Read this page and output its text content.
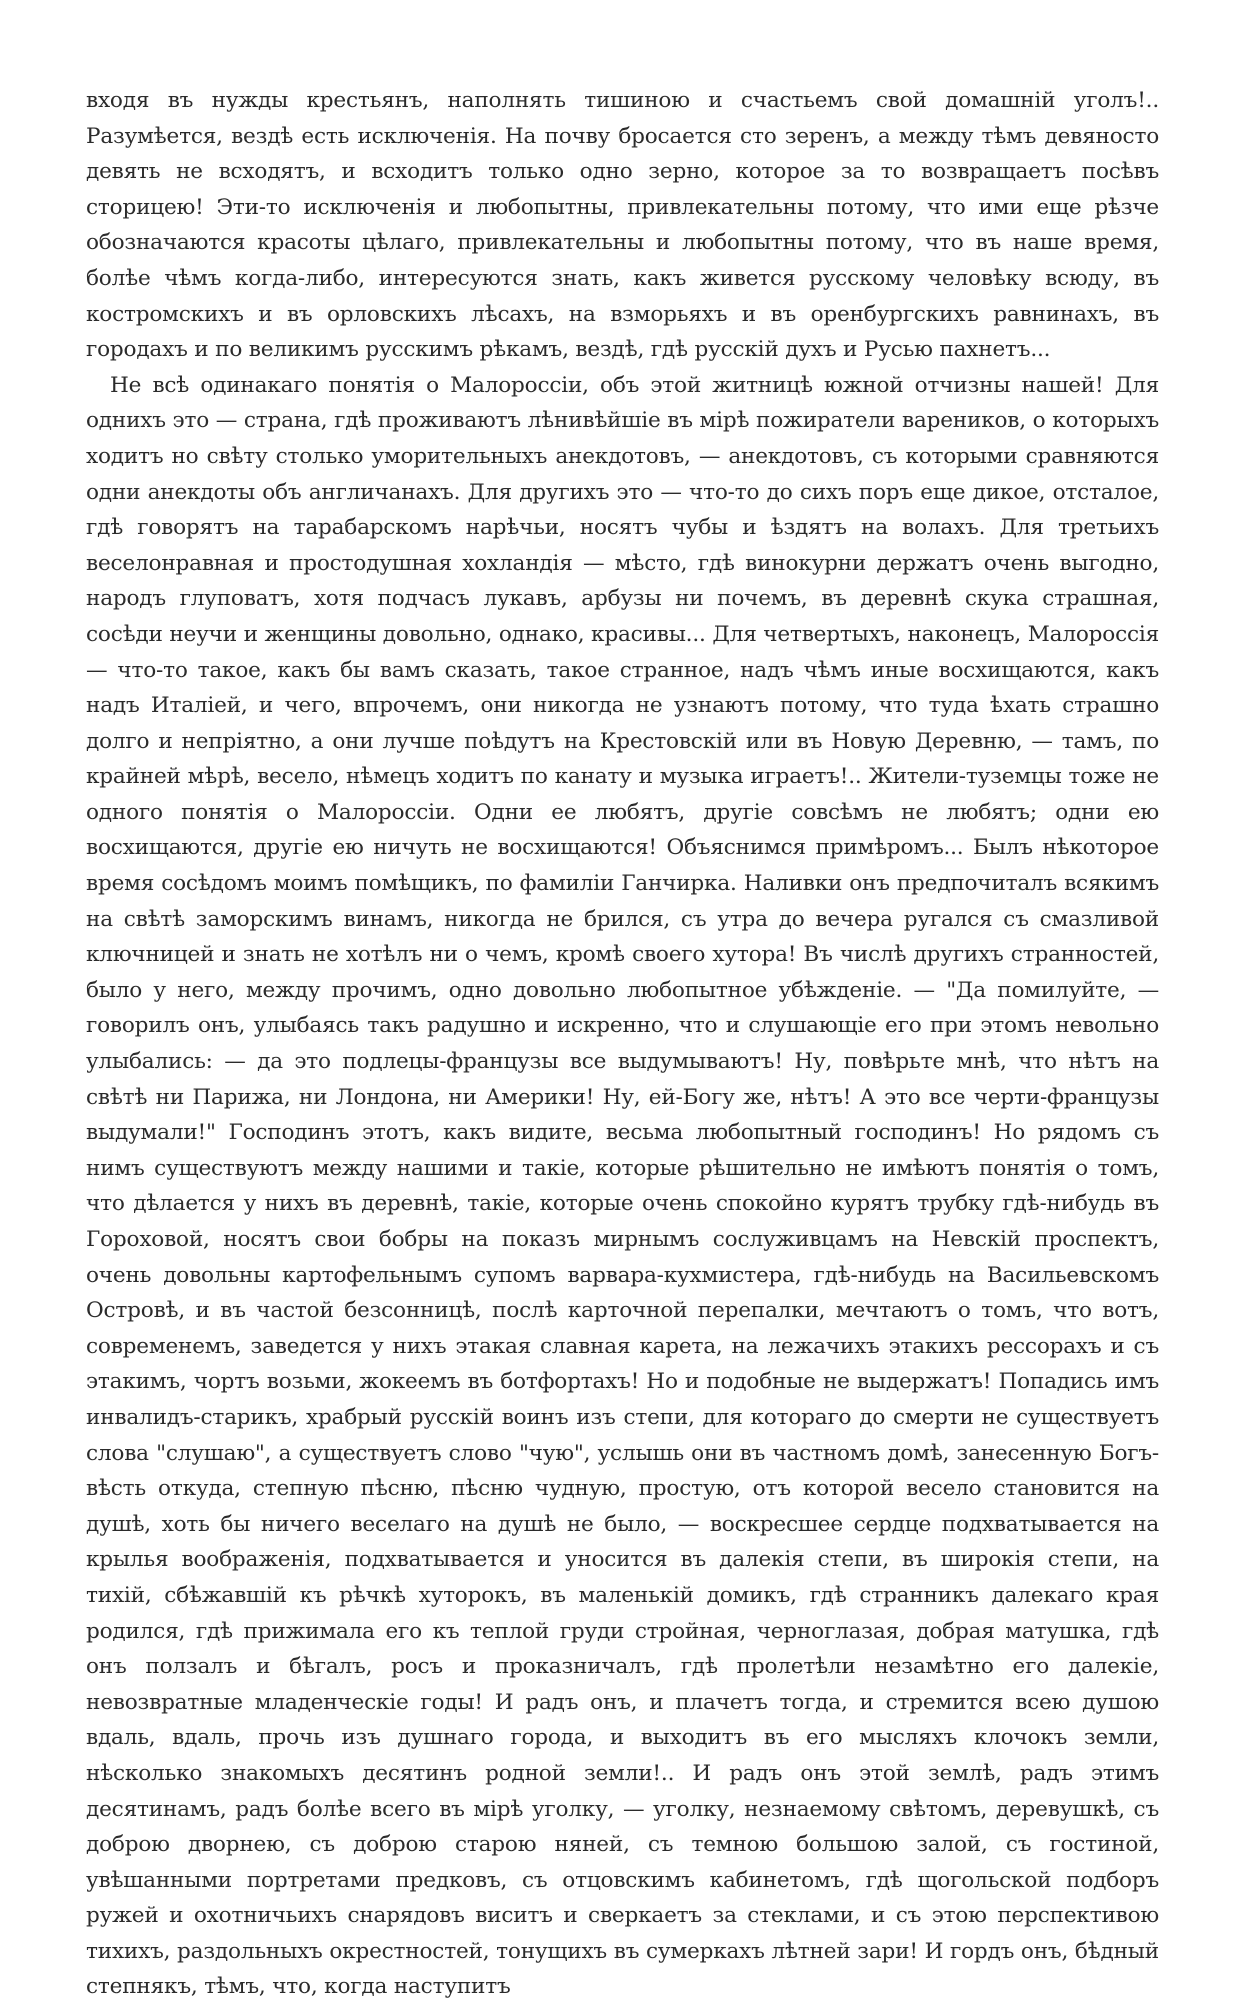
входя въ нужды крестьянъ, наполнять тишиною и счастьемъ свой домашній уголъ!.. Разумѣется, вездѣ есть исключенія. На почву бросается сто зеренъ, а между тѣмъ девяносто девять не всходятъ, и всходитъ только одно зерно, которое за то возвращаетъ посѣвъ сторицею! Эти-то исключенія и любопытны, привлекательны потому, что ими еще рѣзче обозначаются красоты цѣлаго, привлекательны и любопытны потому, что въ наше время, болѣе чѣмъ когда-либо, интересуются знать, какъ живется русскому человѣку всюду, въ костромскихъ и въ орловскихъ лѣсахъ, на взморьяхъ и въ оренбургскихъ равнинахъ, въ городахъ и по великимъ русскимъ рѣкамъ, вездѣ, гдѣ русскій духъ и Русью пахнетъ...

Не всѣ одинакаго понятія о Малороссіи, объ этой житницѣ южной отчизны нашей! Для однихъ это — страна, гдѣ проживаютъ лѣнивѣйшіе въ мірѣ пожиратели вареников, о которыхъ ходитъ но свѣту столько уморительныхъ анекдотовъ, — анекдотовъ, съ которыми сравняются одни анекдоты объ англичанахъ. Для другихъ это — что-то до сихъ поръ еще дикое, отсталое, гдѣ говорятъ на тарабарскомъ нарѣчьи, носятъ чубы и ѣздятъ на волахъ. Для третьихъ веселонравная и простодушная хохландія — мѣсто, гдѣ винокурни держатъ очень выгодно, народъ глуповатъ, хотя подчасъ лукавъ, арбузы ни почемъ, въ деревнѣ скука страшная, сосѣди неучи и женщины довольно, однако, красивы... Для четвертыхъ, наконецъ, Малороссія — что-то такое, какъ бы вамъ сказать, такое странное, надъ чѣмъ иные восхищаются, какъ надъ Италіей, и чего, впрочемъ, они никогда не узнаютъ потому, что туда ѣхать страшно долго и непріятно, а они лучше поѣдутъ на Крестовскій или въ Новую Деревню, — тамъ, по крайней мѣрѣ, весело, нѣмецъ ходитъ по канату и музыка играетъ!.. Жители-туземцы тоже не одного понятія о Малороссіи. Одни ее любятъ, другіе совсѣмъ не любятъ; одни ею восхищаются, другіе ею ничуть не восхищаются! Объяснимся примѣромъ... Былъ нѣкоторое время сосѣдомъ моимъ помѣщикъ, по фамиліи Ганчирка. Наливки онъ предпочиталъ всякимъ на свѣтѣ заморскимъ винамъ, никогда не брился, съ утра до вечера ругался съ смазливой ключницей и знать не хотѣлъ ни о чемъ, кромѣ своего хутора! Въ числѣ другихъ странностей, было у него, между прочимъ, одно довольно любопытное убѣжденіе. — "Да помилуйте, — говорилъ онъ, улыбаясь такъ радушно и искренно, что и слушающіе его при этомъ невольно улыбались: — да это подлецы-французы все выдумываютъ! Ну, повѣрьте мнѣ, что нѣтъ на свѣтѣ ни Парижа, ни Лондона, ни Америки! Ну, ей-Богу же, нѣтъ! А это все черти-французы выдумали!" Господинъ этотъ, какъ видите, весьма любопытный господинъ! Но рядомъ съ нимъ существуютъ между нашими и такіе, которые рѣшительно не имѣютъ понятія о томъ, что дѣлается у нихъ въ деревнѣ, такіе, которые очень спокойно курятъ трубку гдѣ-нибудь въ Гороховой, носятъ свои бобры на показъ мирнымъ сослуживцамъ на Невскій проспектъ, очень довольны картофельнымъ супомъ варвара-кухмистера, гдѣ-нибудь на Васильевскомъ Островѣ, и въ частой безсонницѣ, послѣ карточной перепалки, мечтаютъ о томъ, что вотъ, современемъ, заведется у нихъ этакая славная карета, на лежачихъ этакихъ рессорахъ и съ этакимъ, чортъ возьми, жокеемъ въ ботфортахъ! Но и подобные не выдержатъ! Попадись имъ инвалидъ-старикъ, храбрый русскій воинъ изъ степи, для котораго до смерти не существуетъ слова "слушаю", а существуетъ слово "чую", услышь они въ частномъ домѣ, занесенную Богъ-вѣсть откуда, степную пѣсню, пѣсню чудную, простую, отъ которой весело становится на душѣ, хоть бы ничего веселаго на душѣ не было, — воскресшее сердце подхватывается на крылья воображенія, подхватывается и уносится въ далекія степи, въ широкія степи, на тихій, сбѣжавшій къ рѣчкѣ хуторокъ, въ маленькій домикъ, гдѣ странникъ далекаго края родился, гдѣ прижимала его къ теплой груди стройная, черноглазая, добрая матушка, гдѣ онъ ползалъ и бѣгалъ, росъ и проказничалъ, гдѣ пролетѣли незамѣтно его далекіе, невозвратные младенческіе годы! И радъ онъ, и плачетъ тогда, и стремится всею душою вдаль, вдаль, прочь изъ душнаго города, и выходитъ въ его мысляхъ клочокъ земли, нѣсколько знакомыхъ десятинъ родной земли!.. И радъ онъ этой землѣ, радъ этимъ десятинамъ, радъ болѣе всего въ мірѣ уголку, — уголку, незнаемому свѣтомъ, деревушкѣ, съ доброю дворнею, съ доброю старою няней, съ темною большою залой, съ гостиной, увѣшанными портретами предковъ, съ отцовскимъ кабинетомъ, гдѣ щогольской подборъ ружей и охотничьихъ снарядовъ виситъ и сверкаетъ за стеклами, и съ этою перспективою тихихъ, раздольныхъ окрестностей, тонущихъ въ сумеркахъ лѣтней зари! И гордъ онъ, бѣдный степнякъ, тѣмъ, что, когда наступитъ
